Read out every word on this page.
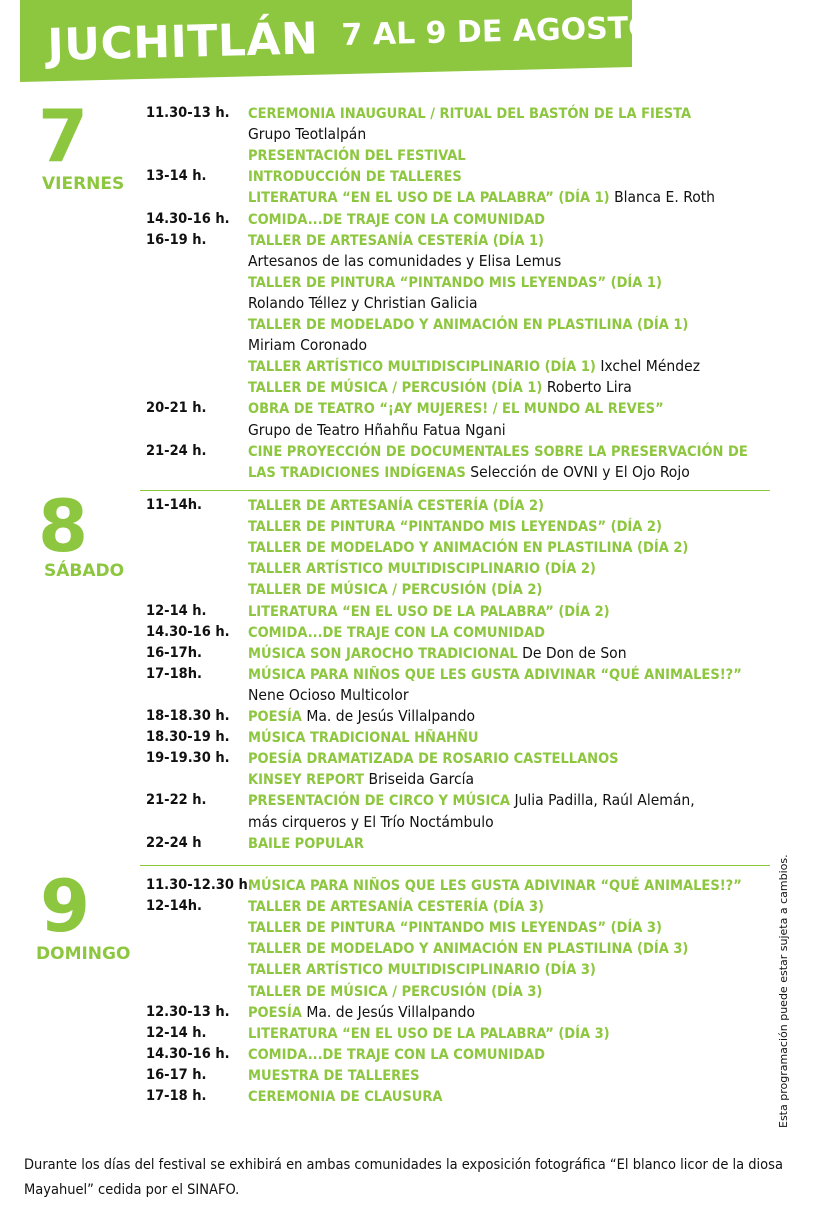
JUCHITLÁN 7 AL 9 DE AGOSTO
7
VIERNES
11.30-13 h. CEREMONIA INAUGURAL / RITUAL DEL BASTÓN DE LA FIESTA
Grupo Teotlalpán
PRESENTACIÓN DEL FESTIVAL
13-14 h.	INTRODUCCIÓN DE TALLERES
LITERATURA “EN EL USO DE LA PALABRA” (DÍA 1) Blanca E. Roth
14.30-16 h. COMIDA...DE TRAJE CON LA COMUNIDAD
16-19 h.	TALLER DE ARTESANÍA CESTERÍA (DÍA 1)
Artesanos de las comunidades y Elisa Lemus
TALLER DE PINTURA “PINTANDO MIS LEYENDAS” (DÍA 1)
Rolando Téllez y Christian Galicia
TALLER DE MODELADO Y ANIMACIÓN EN PLASTILINA (DÍA 1)
Miriam Coronado
TALLER ARTÍSTICO MULTIDISCIPLINARIO (DÍA 1) Ixchel Méndez
TALLER DE MÚSICA / PERCUSIÓN (DÍA 1) Roberto Lira
20-21 h.	OBRA DE TEATRO “¡AY MUJERES! / EL MUNDO AL REVES”
Grupo de Teatro Hñahñu Fatua Ngani
21-24 h.	CINE PROYECCIÓN DE DOCUMENTALES SOBRE LA PRESERVACIÓN DE
LAS TRADICIONES INDÍGENAS Selección de OVNI y El Ojo Rojo
8
SÁBADO
11-14h.	TALLER DE ARTESANÍA CESTERÍA (DÍA 2)
TALLER DE PINTURA “PINTANDO MIS LEYENDAS” (DÍA 2)
TALLER DE MODELADO Y ANIMACIÓN EN PLASTILINA (DÍA 2)
TALLER ARTÍSTICO MULTIDISCIPLINARIO (DÍA 2)
TALLER DE MÚSICA / PERCUSIÓN (DÍA 2)
12-14 h.	LITERATURA “EN EL USO DE LA PALABRA” (DÍA 2)
14.30-16 h. COMIDA...DE TRAJE CON LA COMUNIDAD
16-17h.	MÚSICA SON JAROCHO TRADICIONAL De Don de Son
17-18h.	MÚSICA PARA NIÑOS QUE LES GUSTA ADIVINAR “QUÉ ANIMALES!?”
Nene Ocioso Multicolor
18-18.30 h. POESÍA Ma. de Jesús Villalpando
18.30-19 h. MÚSICA TRADICIONAL HÑAHÑU
19-19.30 h. POESÍA DRAMATIZADA DE ROSARIO CASTELLANOS
KINSEY REPORT Briseida García
21-22 h.	PRESENTACIÓN DE CIRCO Y MÚSICA Julia Padilla, Raúl Alemán,
más cirqueros y El Trío Noctámbulo
22-24 h	BAILE POPULAR
9
DOMINGO
11.30-12.30 h.
MÚSICA PARA NIÑOS QUE LES GUSTA ADIVINAR “QUÉ ANIMALES!?”
12-14h.	TALLER DE ARTESANÍA CESTERÍA (DÍA 3)
TALLER DE PINTURA “PINTANDO MIS LEYENDAS” (DÍA 3)
TALLER DE MODELADO Y ANIMACIÓN EN PLASTILINA (DÍA 3)
TALLER ARTÍSTICO MULTIDISCIPLINARIO (DÍA 3)
TALLER DE MÚSICA / PERCUSIÓN (DÍA 3)
12.30-13 h. POESÍA Ma. de Jesús Villalpando
12-14 h.	LITERATURA “EN EL USO DE LA PALABRA” (DÍA 3)
14.30-16 h. COMIDA...DE TRAJE CON LA COMUNIDAD
16-17 h.	MUESTRA DE TALLERES
17-18 h.	CEREMONIA DE CLAUSURA	Esta programación puede estar sujeta a cambios.
Durante los días del festival se exhibirá en ambas comunidades la exposición fotográfica “El blanco licor de la diosa Mayahuel” cedida por el SINAFO.
